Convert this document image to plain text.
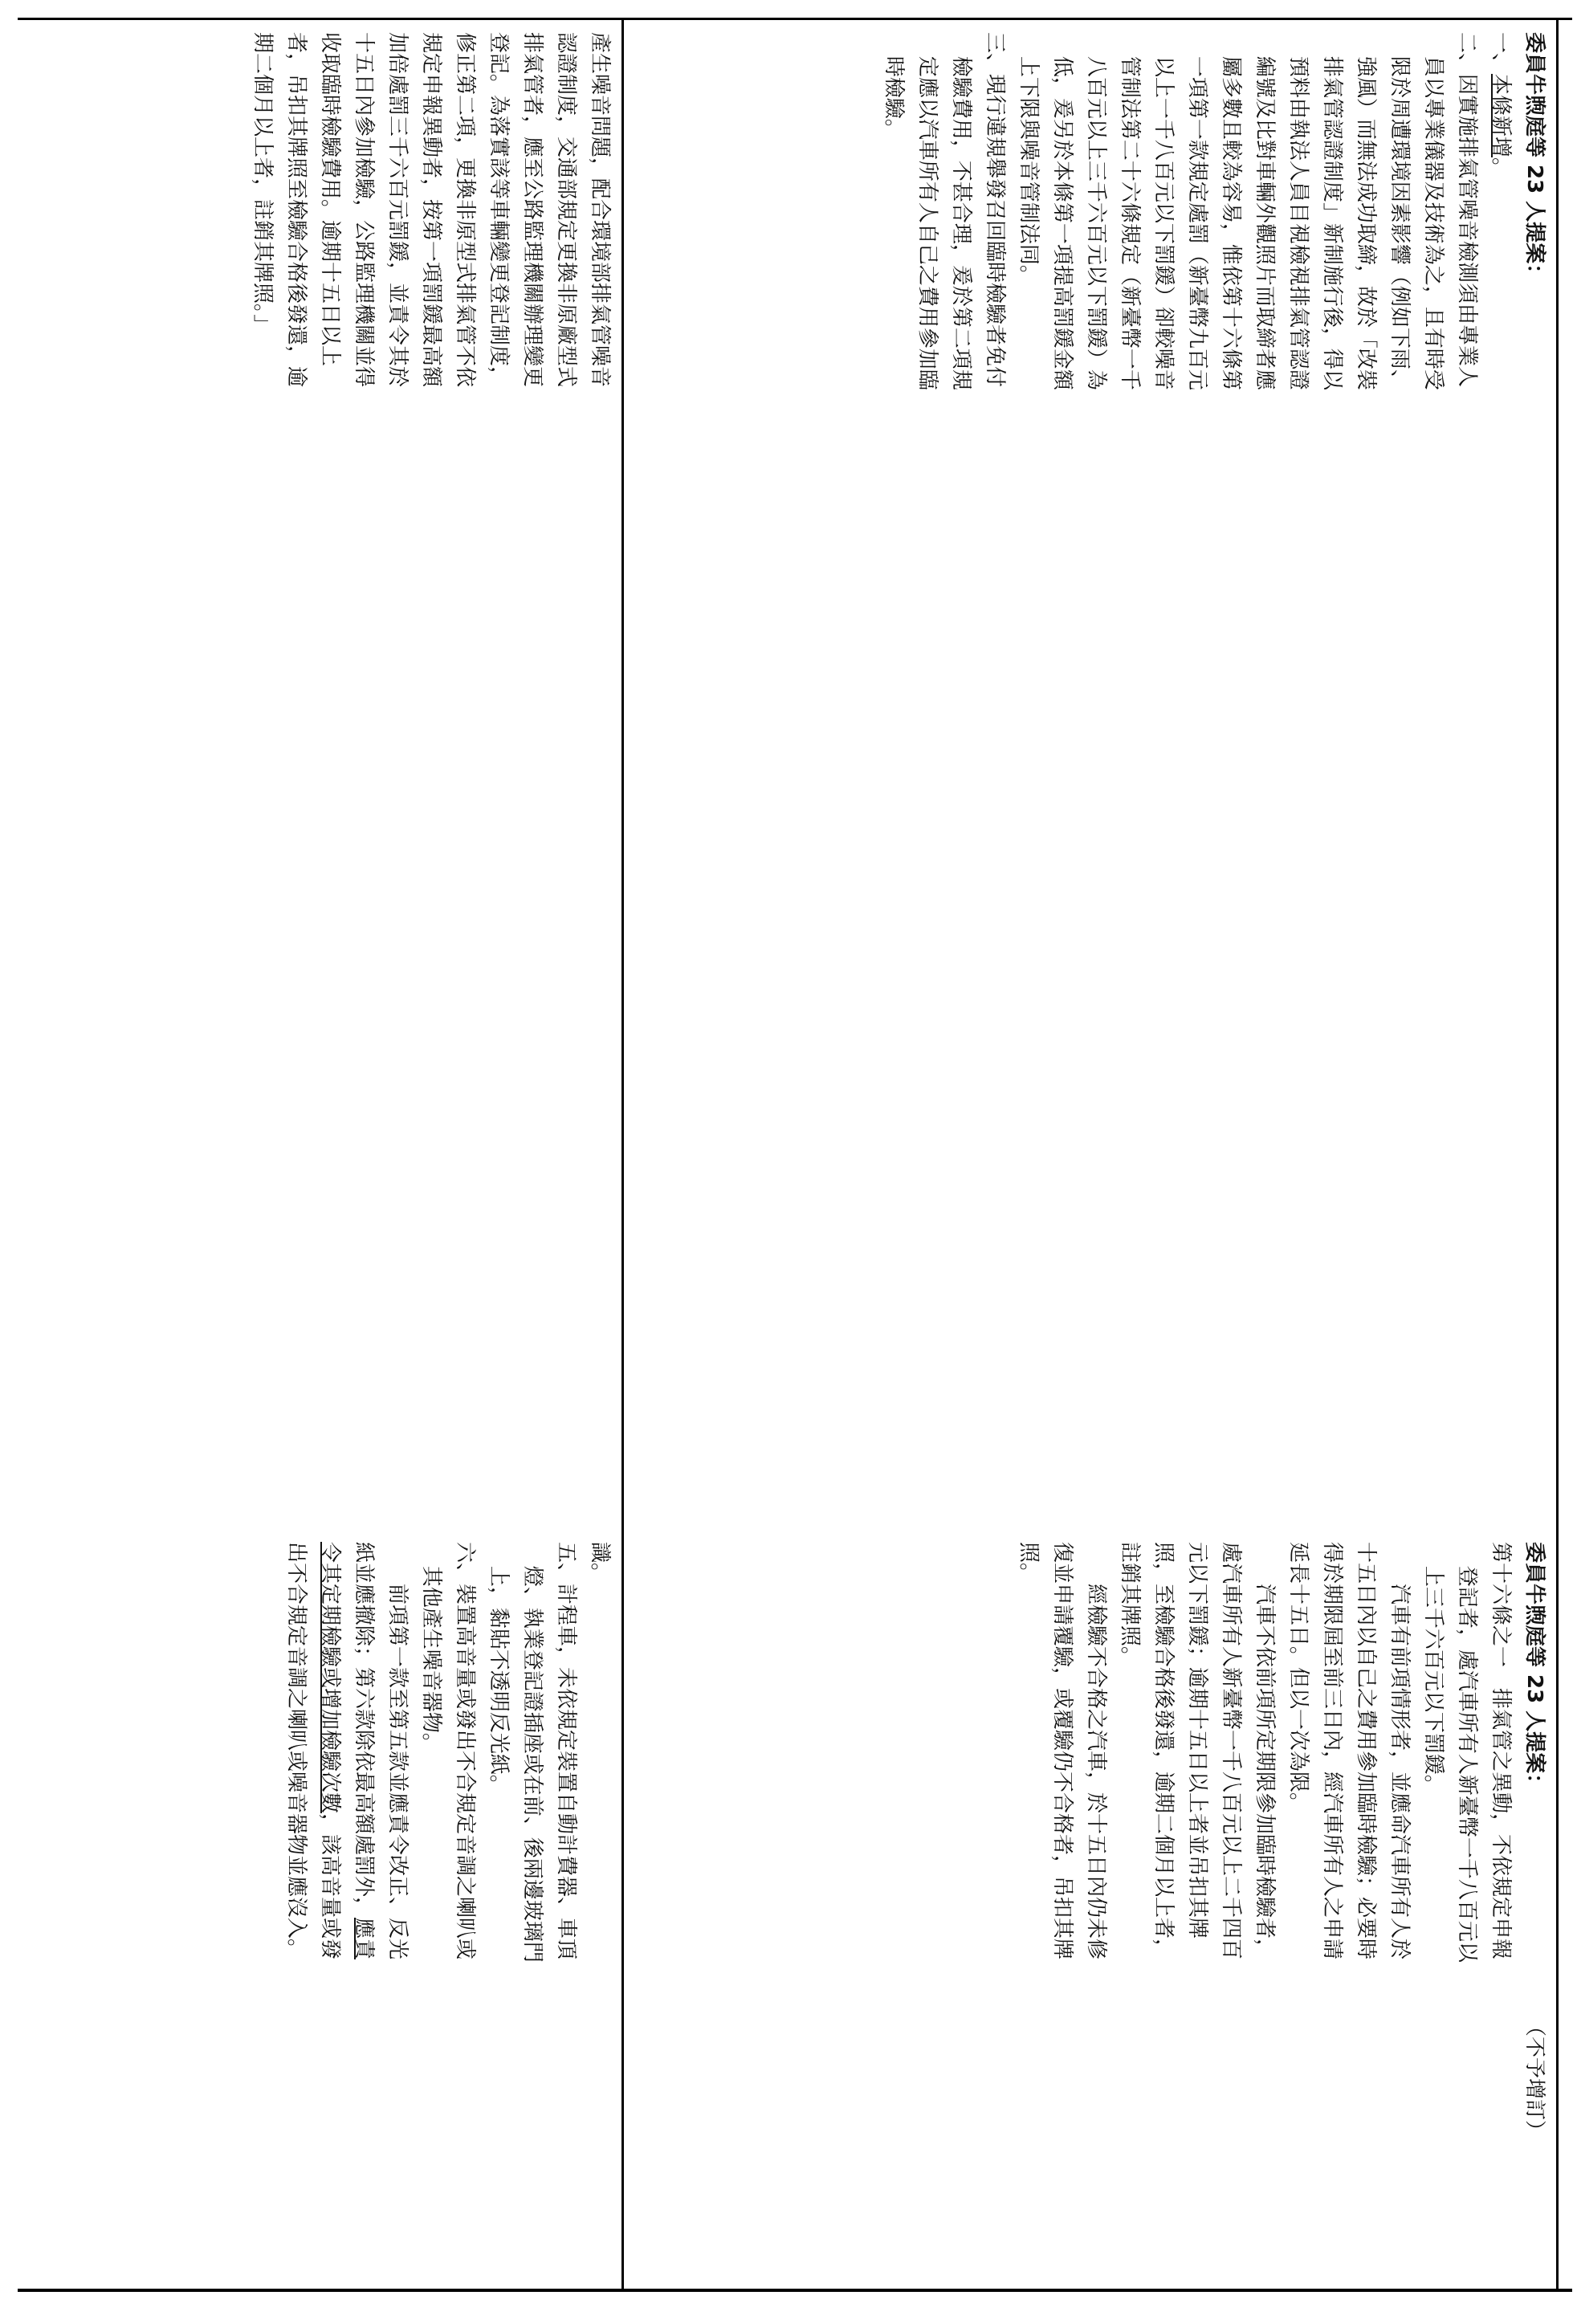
產生噪音問題，配合環境部排氣管噪音認證制度，交通部規定更換非原廠型式排氣管者，應至公路監理機關辦理變更登記。為落實該等車輛變更登記制度，修正第二項，更換非原型式排氣管不依規定申報異動者，按第一項罰鍰最高額加倍處罰三千六百元罰鍰，並責令其於十五日內參加檢驗，公路監理機關並得收取臨時檢驗費用。逾期十五日以上者，吊扣其牌照至檢驗合格後發還，逾期二個月以上者，註銷其牌照。」	委員牛煦庭等 23 人提案：

一、本條新增。

二、因實施排氣管噪音檢測須由專業人員以專業儀器及技術為之，且有時受限於周遭環境因素影響（例如下雨、強風）而無法成功取締，故於「改裝排氣管認證制度」新制施行後，得以預料由執法人員目視檢視排氣管認證編號及比對車輛外觀照片而取締者應屬多數且較為容易，惟依第十六條第一項第一款規定處罰（新臺幣九百元以上一千八百元以下罰鍰）卻較噪音管制法第二十六條規定（新臺幣一千八百元以上三千六百元以下罰鍰）為低，爰另於本條第一項提高罰鍰金額上下限與噪音管制法同。

三、現行違規舉發召回臨時檢驗者免付檢驗費用，不甚合理，爰於第二項規定應以汽車所有人自己之費用參加臨時檢驗。

識。

五、計程車，未依規定裝置自動計費器、車頂燈、執業登記證插座或在前、後兩邊玻璃門上，黏貼不透明反光紙。

六、裝置高音量或發出不合規定音調之喇叭或其他產生噪音器物。

前項第一款至第五款並應責令改正、反光紙並應撤除；第六款除依最高額處罰外，應責令其定期檢驗或增加檢驗次數，該高音量或發出不合規定音調之喇叭或噪音器物並應沒入。	委員牛煦庭等 23 人提案：

第十六條之一　排氣管之異動，不依規定申報登記者，處汽車所有人新臺幣一千八百元以上三千六百元以下罰鍰。

汽車有前項情形者，並應命汽車所有人於十五日內以自己之費用參加臨時檢驗；必要時得於期限屆至前三日內，經汽車所有人之申請延長十五日。但以一次為限。

汽車不依前項所定期限參加臨時檢驗者，處汽車所有人新臺幣一千八百元以上二千四百元以下罰鍰；逾期十五日以上者並吊扣其牌照，至檢驗合格後發還，逾期二個月以上者，註銷其牌照。

經檢驗不合格之汽車，於十五日內仍未修復並申請覆驗，或覆驗仍不合格者，吊扣其牌照。

（不予增訂）
